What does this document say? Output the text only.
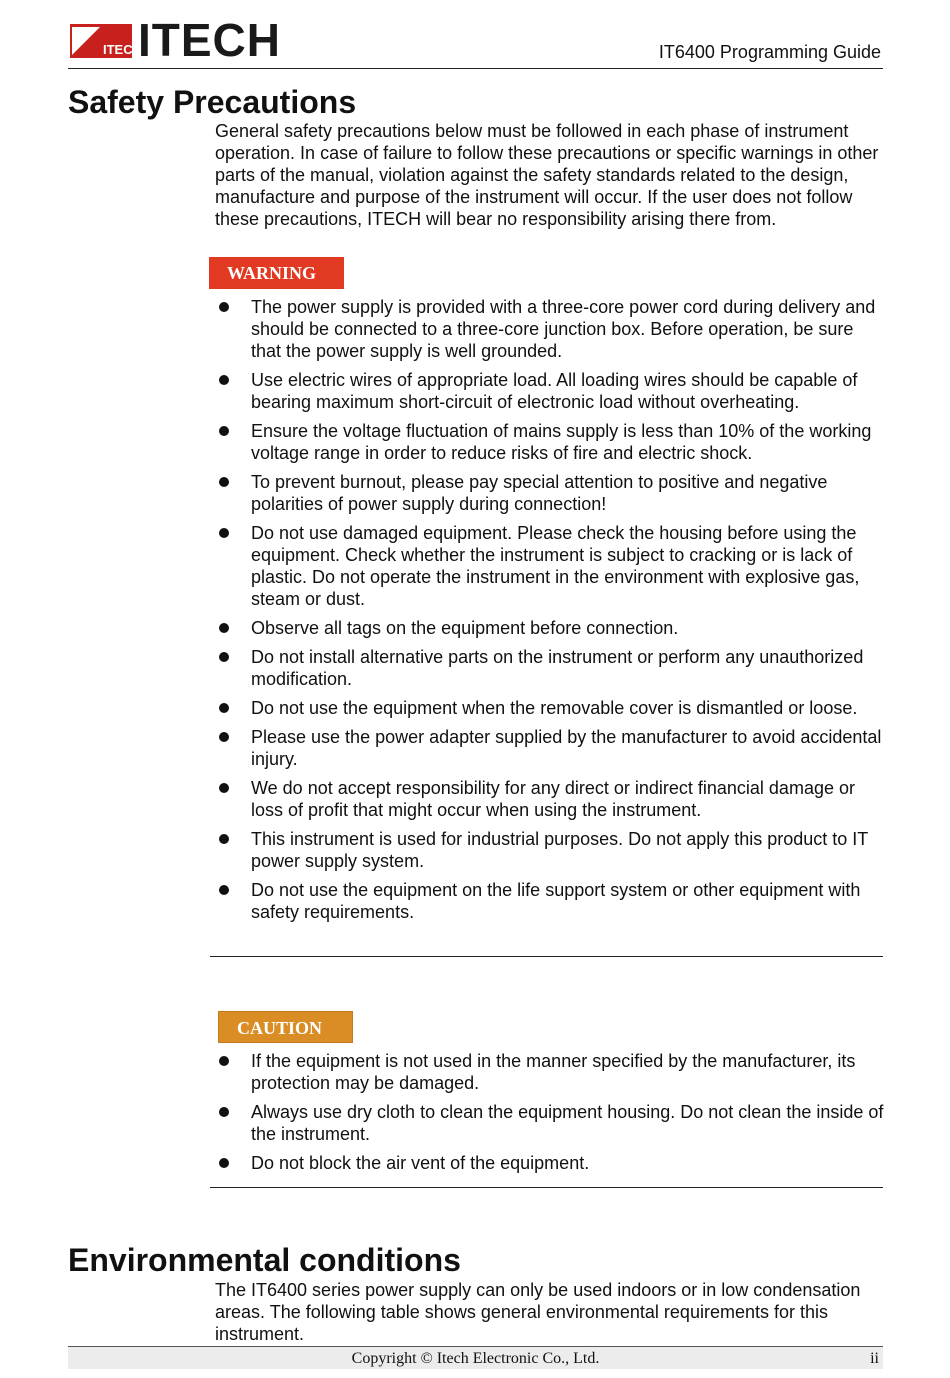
ITECH
ITECH	IT6400 Programming Guide
Safety Precautions

General safety precautions below must be followed in each phase of instrument operation. In case of failure to follow these precautions or specific warnings in other parts of the manual, violation against the safety standards related to the design, manufacture and purpose of the instrument will occur. If the user does not follow these precautions, ITECH will bear no responsibility arising there from.

WARNING
The power supply is provided with a three-core power cord during delivery and should be connected to a three-core junction box. Before operation, be sure that the power supply is well grounded.
Use electric wires of appropriate load. All loading wires should be capable of bearing maximum short-circuit of electronic load without overheating.
Ensure the voltage fluctuation of mains supply is less than 10% of the working voltage range in order to reduce risks of fire and electric shock.
To prevent burnout, please pay special attention to positive and negative polarities of power supply during connection!
Do not use damaged equipment. Please check the housing before using the equipment. Check whether the instrument is subject to cracking or is lack of plastic. Do not operate the instrument in the environment with explosive gas, steam or dust.
Observe all tags on the equipment before connection.
Do not install alternative parts on the instrument or perform any unauthorized modification.
Do not use the equipment when the removable cover is dismantled or loose.
Please use the power adapter supplied by the manufacturer to avoid accidental injury.
We do not accept responsibility for any direct or indirect financial damage or loss of profit that might occur when using the instrument.
This instrument is used for industrial purposes. Do not apply this product to IT power supply system.
Do not use the equipment on the life support system or other equipment with safety requirements.
CAUTION
If the equipment is not used in the manner specified by the manufacturer, its protection may be damaged.
Always use dry cloth to clean the equipment housing. Do not clean the inside of the instrument.
Do not block the air vent of the equipment.
Environmental conditions

The IT6400 series power supply can only be used indoors or in low condensation areas. The following table shows general environmental requirements for this instrument.

Copyright © Itech Electronic Co., Ltd.	ii
